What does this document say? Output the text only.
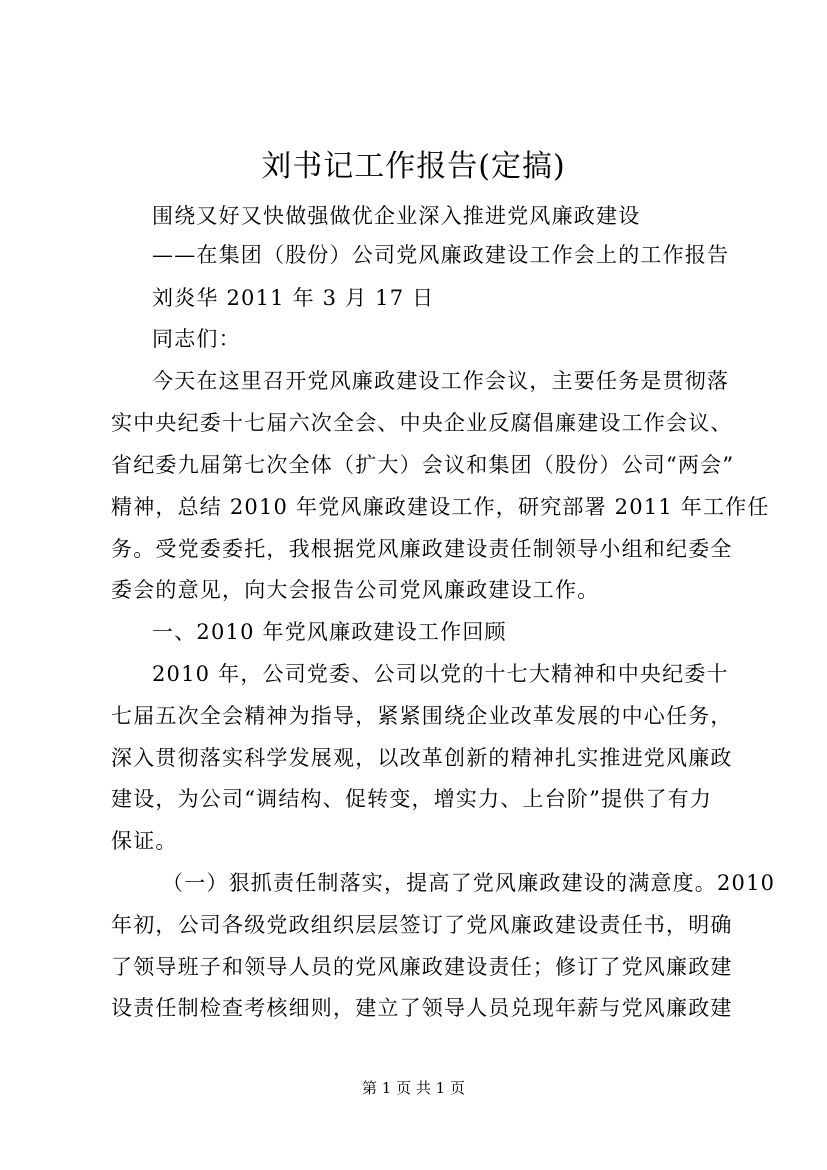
刘书记工作报告(定搞)
围绕又好又快做强做优企业深入推进党风廉政建设
——在集团（股份）公司党风廉政建设工作会上的工作报告
刘炎华 2011 年 3 月 17 日
同志们：
今天在这里召开党风廉政建设工作会议，主要任务是贯彻落
实中央纪委十七届六次全会、中央企业反腐倡廉建设工作会议、
省纪委九届第七次全体（扩大）会议和集团（股份）公司“两会”
精神，总结 2010 年党风廉政建设工作，研究部署 2011 年工作任
务。受党委委托，我根据党风廉政建设责任制领导小组和纪委全
委会的意见，向大会报告公司党风廉政建设工作。
一、2010 年党风廉政建设工作回顾
2010 年，公司党委、公司以党的十七大精神和中央纪委十
七届五次全会精神为指导，紧紧围绕企业改革发展的中心任务，
深入贯彻落实科学发展观，以改革创新的精神扎实推进党风廉政
建设，为公司“调结构、促转变，增实力、上台阶”提供了有力
保证。
（一）狠抓责任制落实，提高了党风廉政建设的满意度。2010
年初，公司各级党政组织层层签订了党风廉政建设责任书，明确
了领导班子和领导人员的党风廉政建设责任；修订了党风廉政建
设责任制检查考核细则，建立了领导人员兑现年薪与党风廉政建
第 1 页 共 1 页
